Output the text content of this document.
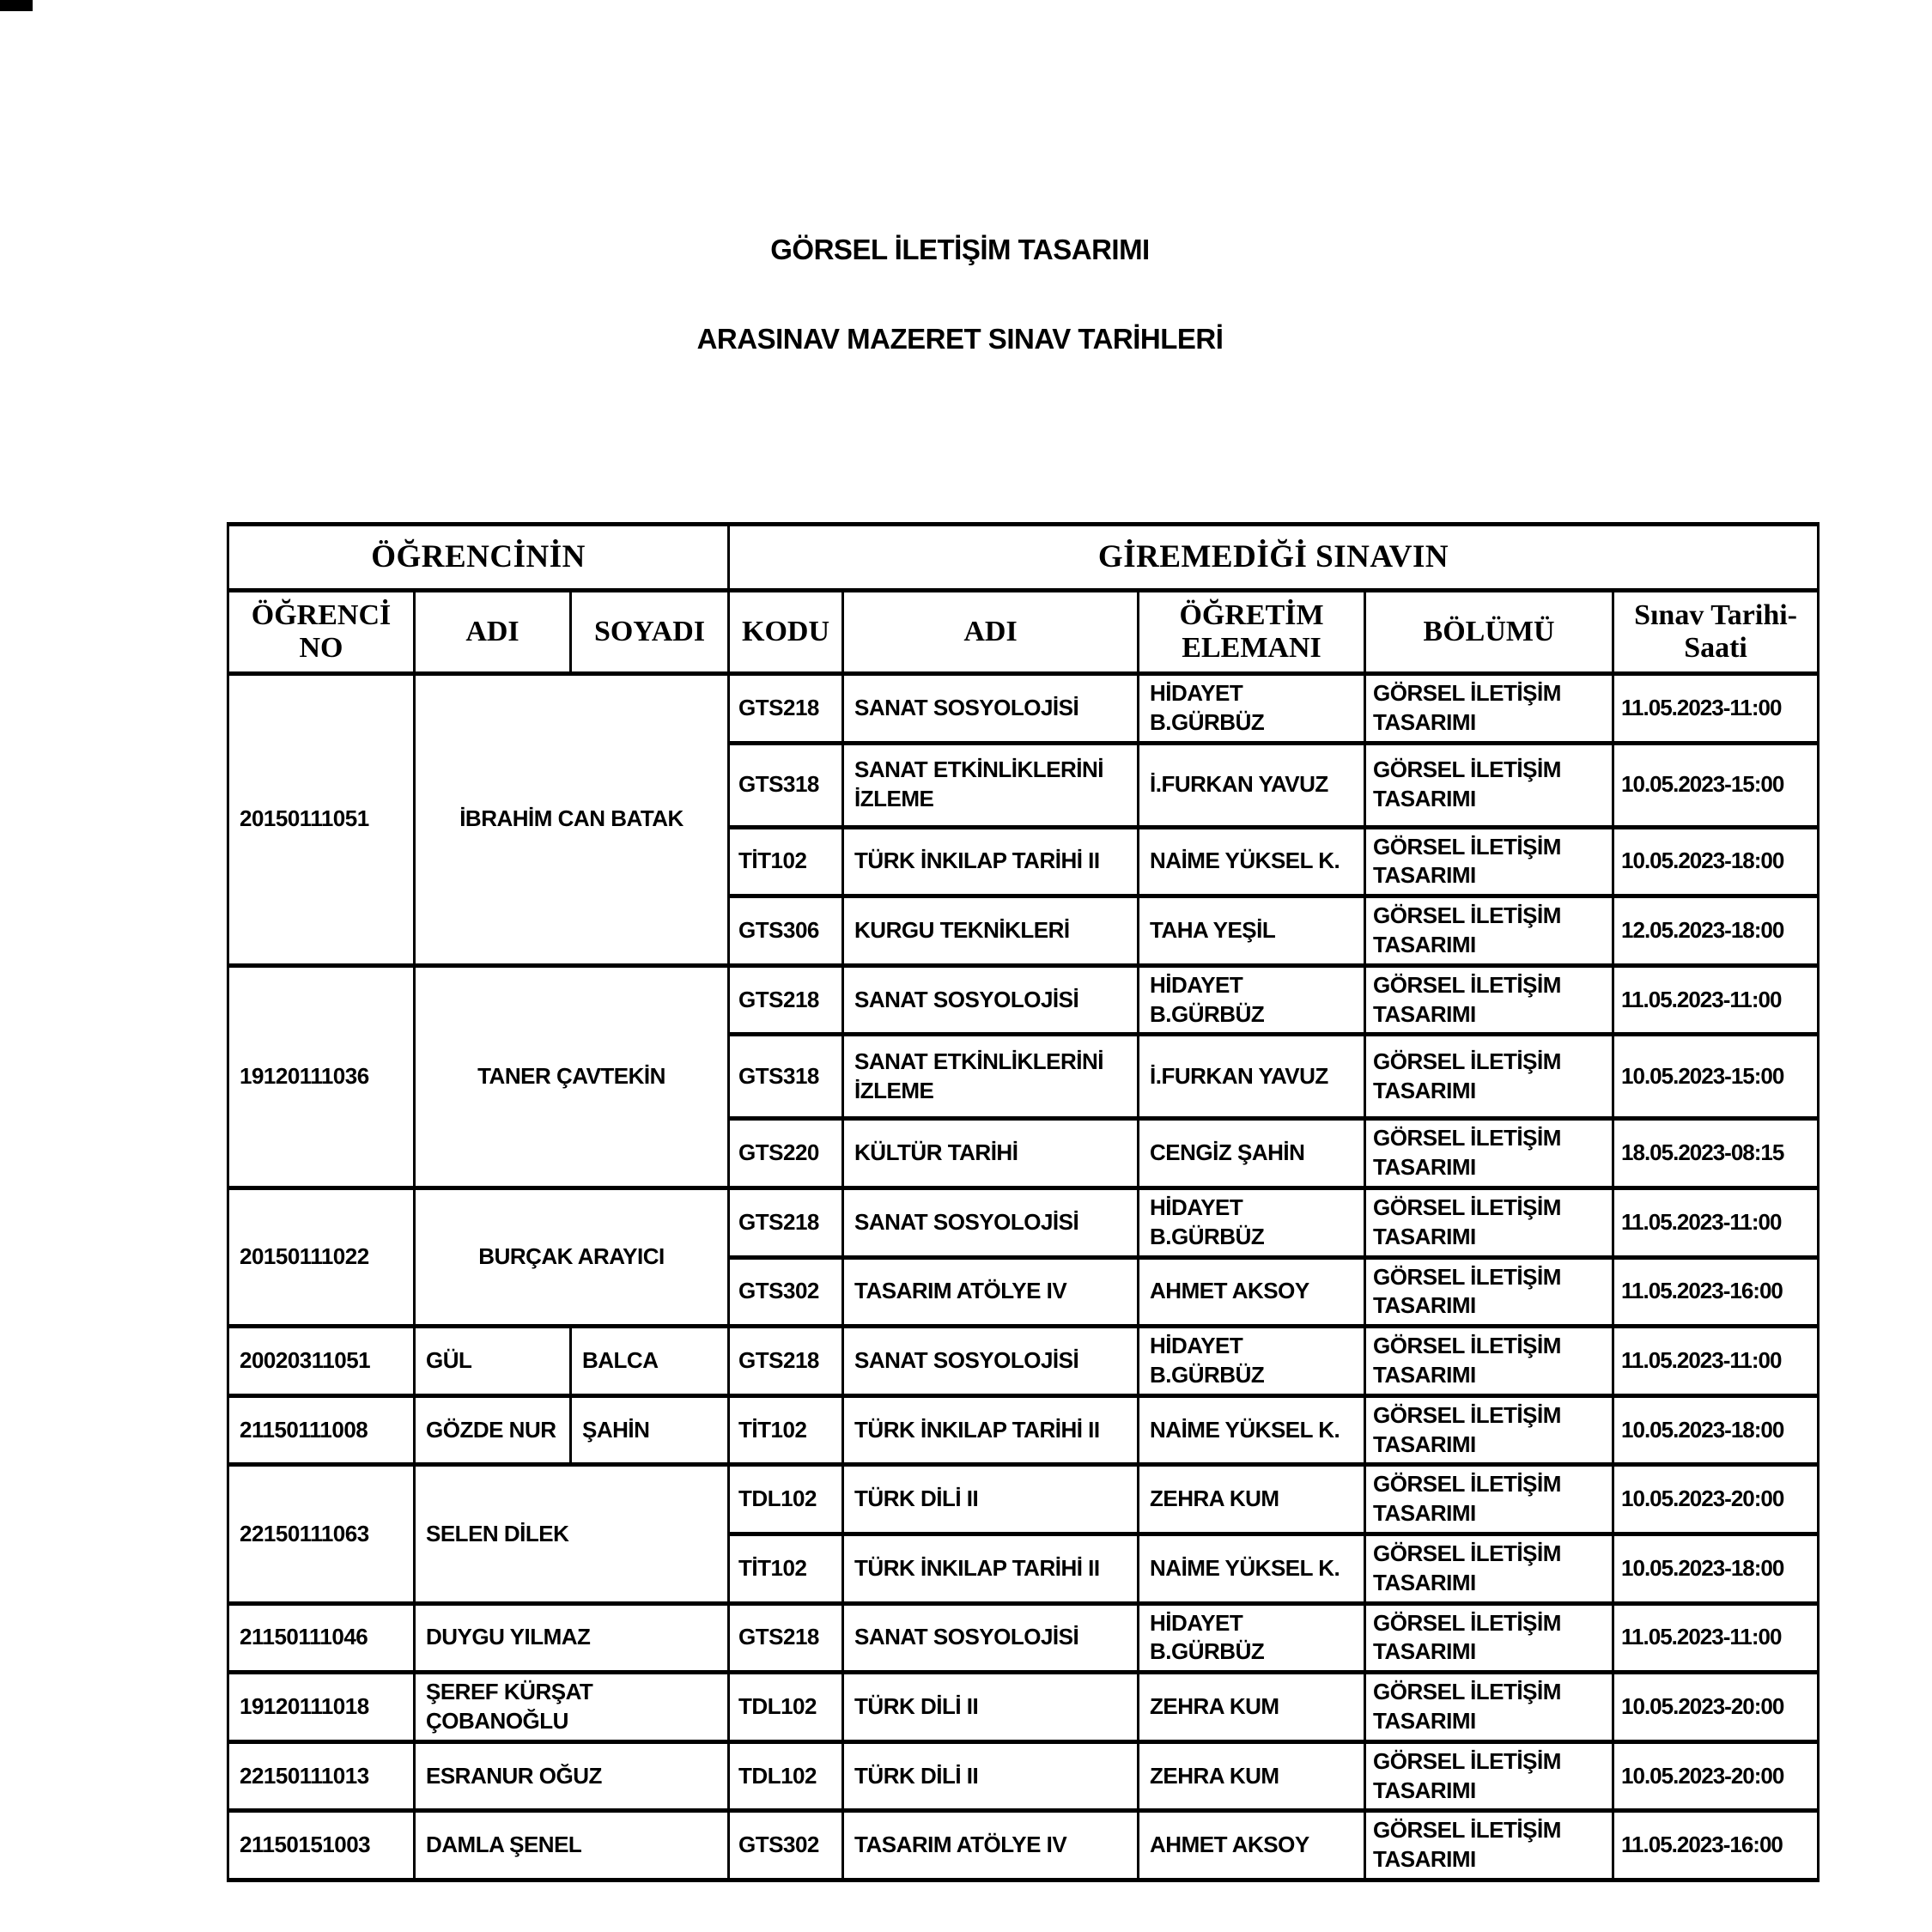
GÖRSEL İLETİŞİM TASARIMI
ARASINAV MAZERET SINAV TARİHLERİ
ÖĞRENCİNİN			GİREMEDİĞİ SINAVIN				
ÖĞRENCİ NO	ADI	SOYADI	KODU	ADI	ÖĞRETİM ELEMANI	BÖLÜMÜ	Sınav Tarihi-Saati
20150111051	İBRAHİM CAN BATAK		GTS218	SANAT SOSYOLOJİSİ	HİDAYET B.GÜRBÜZ	GÖRSEL İLETİŞİM TASARIMI	11.05.2023-11:00
			GTS318	SANAT ETKİNLİKLERİNİ İZLEME	İ.FURKAN YAVUZ	GÖRSEL İLETİŞİM TASARIMI	10.05.2023-15:00
			TİT102	TÜRK İNKILAP TARİHİ II	NAİME YÜKSEL K.	GÖRSEL İLETİŞİM TASARIMI	10.05.2023-18:00
			GTS306	KURGU TEKNİKLERİ	TAHA YEŞİL	GÖRSEL İLETİŞİM TASARIMI	12.05.2023-18:00
19120111036	TANER ÇAVTEKİN		GTS218	SANAT SOSYOLOJİSİ	HİDAYET B.GÜRBÜZ	GÖRSEL İLETİŞİM TASARIMI	11.05.2023-11:00
			GTS318	SANAT ETKİNLİKLERİNİ İZLEME	İ.FURKAN YAVUZ	GÖRSEL İLETİŞİM TASARIMI	10.05.2023-15:00
			GTS220	KÜLTÜR TARİHİ	CENGİZ ŞAHİN	GÖRSEL İLETİŞİM TASARIMI	18.05.2023-08:15
20150111022	BURÇAK ARAYICI		GTS218	SANAT SOSYOLOJİSİ	HİDAYET B.GÜRBÜZ	GÖRSEL İLETİŞİM TASARIMI	11.05.2023-11:00
			GTS302	TASARIM ATÖLYE IV	AHMET AKSOY	GÖRSEL İLETİŞİM TASARIMI	11.05.2023-16:00
20020311051	GÜL	BALCA	GTS218	SANAT SOSYOLOJİSİ	HİDAYET B.GÜRBÜZ	GÖRSEL İLETİŞİM TASARIMI	11.05.2023-11:00
21150111008	GÖZDE NUR	ŞAHİN	TİT102	TÜRK İNKILAP TARİHİ II	NAİME YÜKSEL K.	GÖRSEL İLETİŞİM TASARIMI	10.05.2023-18:00
22150111063	SELEN DİLEK		TDL102	TÜRK DİLİ II	ZEHRA KUM	GÖRSEL İLETİŞİM TASARIMI	10.05.2023-20:00
			TİT102	TÜRK İNKILAP TARİHİ II	NAİME YÜKSEL K.	GÖRSEL İLETİŞİM TASARIMI	10.05.2023-18:00
21150111046	DUYGU YILMAZ		GTS218	SANAT SOSYOLOJİSİ	HİDAYET B.GÜRBÜZ	GÖRSEL İLETİŞİM TASARIMI	11.05.2023-11:00
19120111018	ŞEREF KÜRŞAT ÇOBANOĞLU		TDL102	TÜRK DİLİ II	ZEHRA KUM	GÖRSEL İLETİŞİM TASARIMI	10.05.2023-20:00
22150111013	ESRANUR OĞUZ		TDL102	TÜRK DİLİ II	ZEHRA KUM	GÖRSEL İLETİŞİM TASARIMI	10.05.2023-20:00
21150151003	DAMLA ŞENEL		GTS302	TASARIM ATÖLYE IV	AHMET AKSOY	GÖRSEL İLETİŞİM TASARIMI	11.05.2023-16:00
